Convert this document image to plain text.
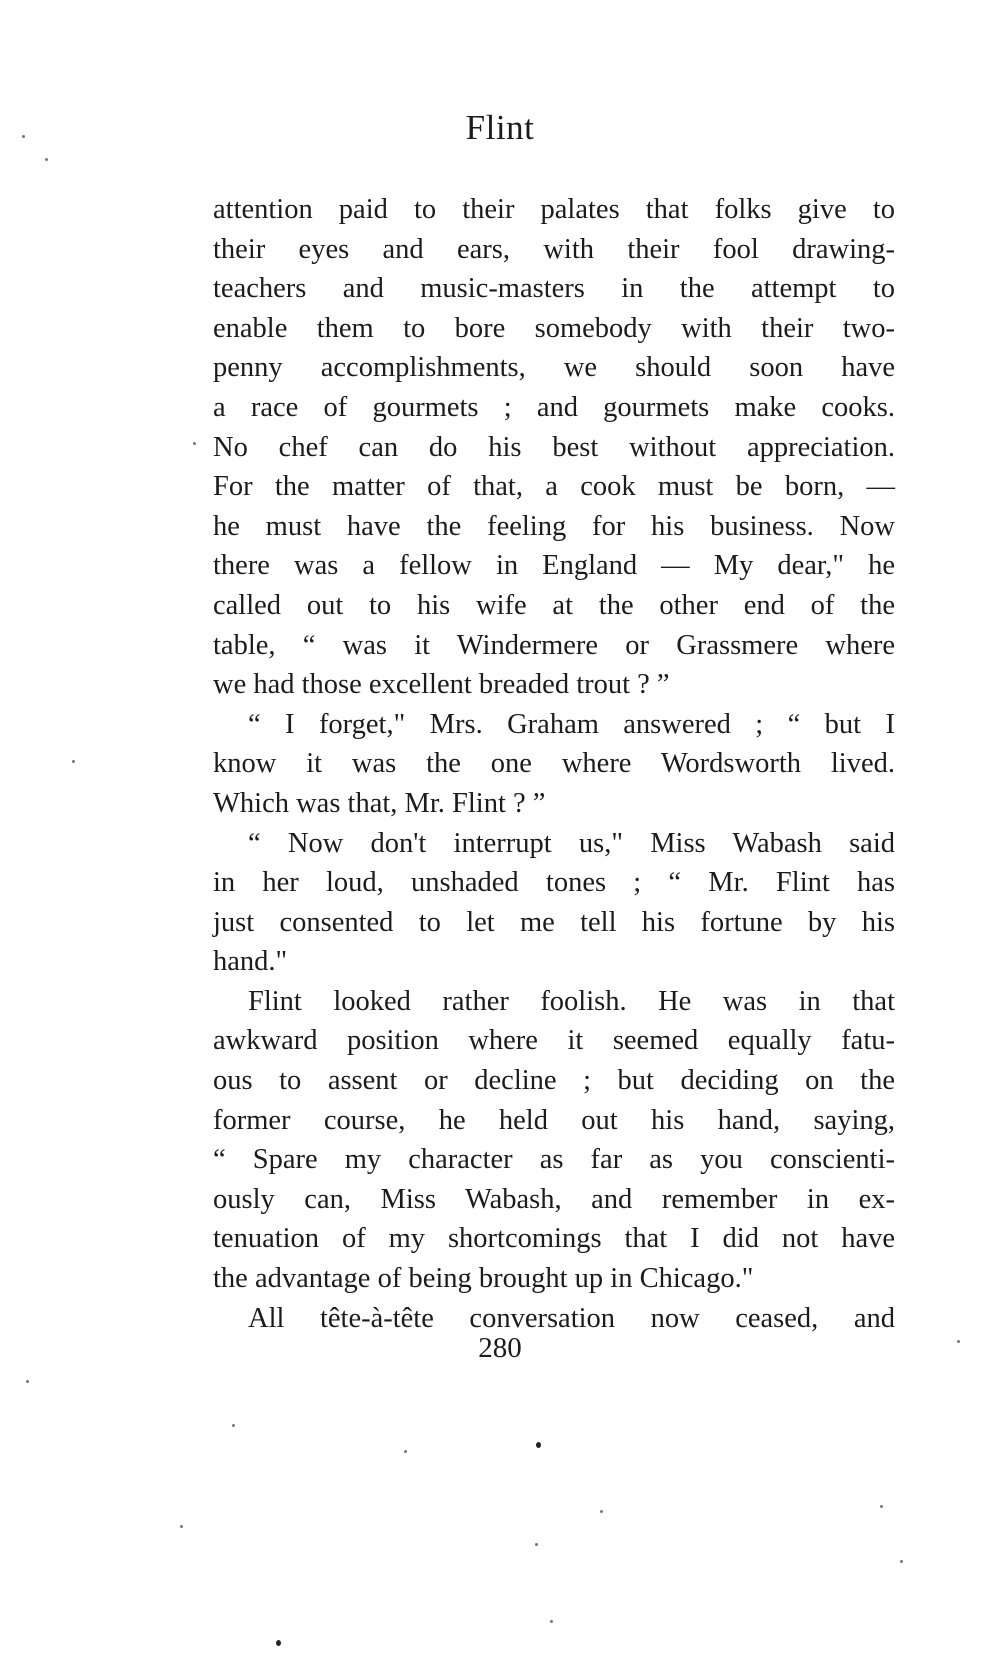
Flint

attention paid to their palates that folks give to
their eyes and ears, with their fool drawing-
teachers and music-masters in the attempt to
enable them to bore somebody with their two-
penny accomplishments, we should soon have
a race of gourmets ; and gourmets make cooks.
No chef can do his best without appreciation.
For the matter of that, a cook must be born, —
he must have the feeling for his business. Now
there was a fellow in England — My dear," he
called out to his wife at the other end of the
table, “ was it Windermere or Grassmere where
we had those excellent breaded trout ? ”

“ I forget," Mrs. Graham answered ; “ but I
know it was the one where Wordsworth lived.
Which was that, Mr. Flint ? ”

“ Now don't interrupt us," Miss Wabash said
in her loud, unshaded tones ; “ Mr. Flint has
just consented to let me tell his fortune by his
hand."

Flint looked rather foolish. He was in that
awkward position where it seemed equally fatu-
ous to assent or decline ; but deciding on the
former course, he held out his hand, saying,
“ Spare my character as far as you conscienti-
ously can, Miss Wabash, and remember in ex-
tenuation of my shortcomings that I did not have
the advantage of being brought up in Chicago."

All tête-à-tête conversation now ceased, and

280
